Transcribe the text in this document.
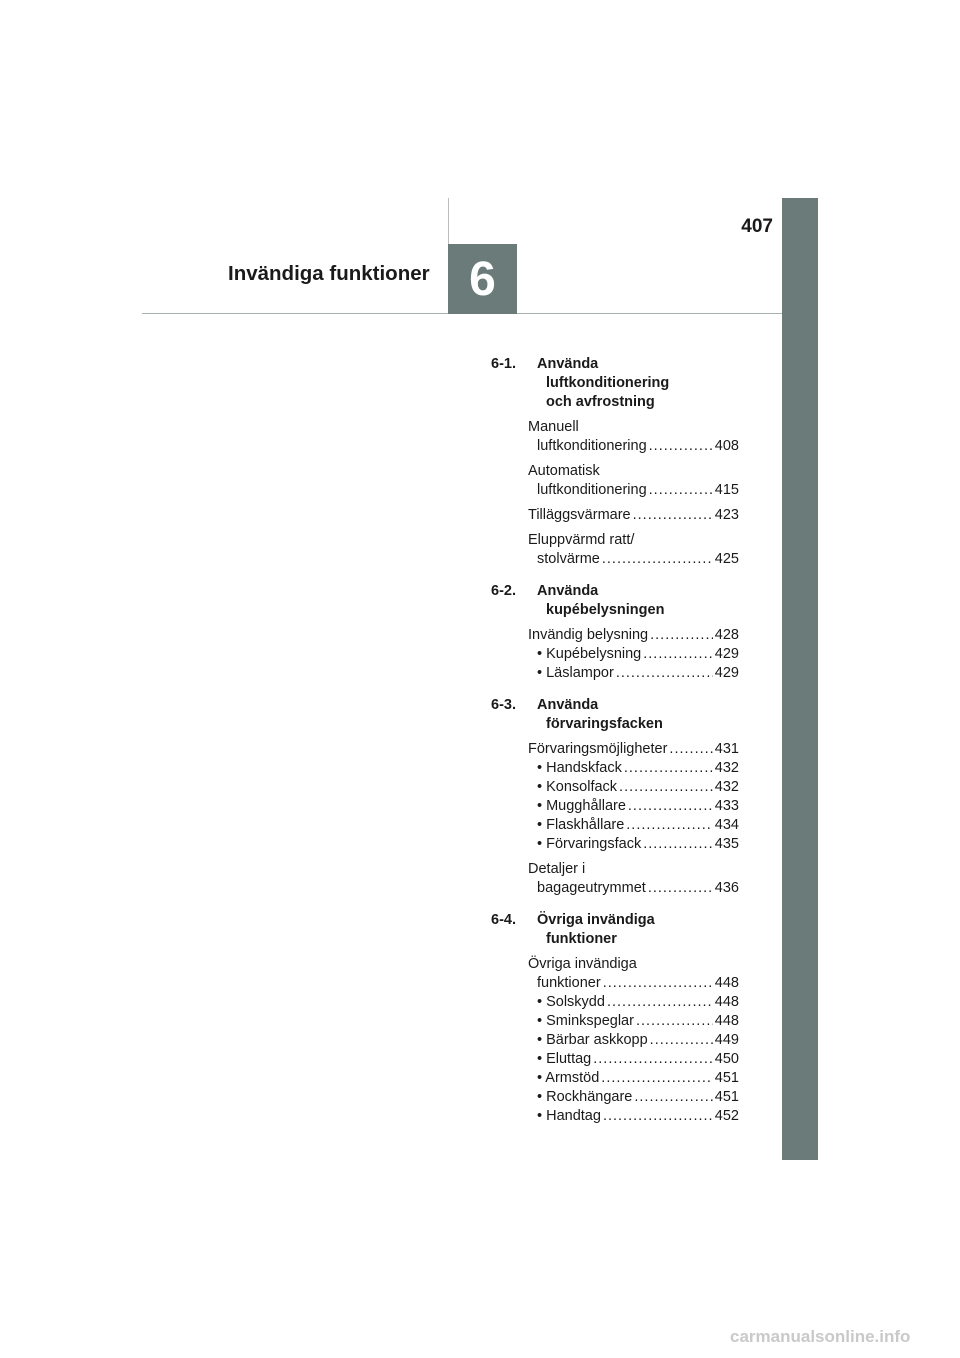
407
Invändiga funktioner 6
6-1. Använda
luftkonditionering
och avfrostning
Manuell
luftkonditionering .....	408
Automatisk
luftkonditionering .....	415
Tilläggsvärmare .....	423
Eluppvärmd ratt/
stolvärme .....	425
6-2. Använda
kupébelysningen
Invändig belysning .....	428
• Kupébelysning .....	429
• Läslampor .....	429
6-3. Använda
förvaringsfacken
Förvaringsmöjligheter .....	431
• Handskfack .....	432
• Konsolfack .....	432
• Mugghållare .....	433
• Flaskhållare .....	434
• Förvaringsfack .....	435
Detaljer i
bagageutrymmet .....	436
6-4. Övriga invändiga
funktioner
Övriga invändiga
funktioner .....	448
• Solskydd .....	448
• Sminkspeglar .....	448
• Bärbar askkopp .....	449
• Eluttag .....	450
• Armstöd .....	451
• Rockhängare .....	451
• Handtag .....	452
carmanualsonline.info
